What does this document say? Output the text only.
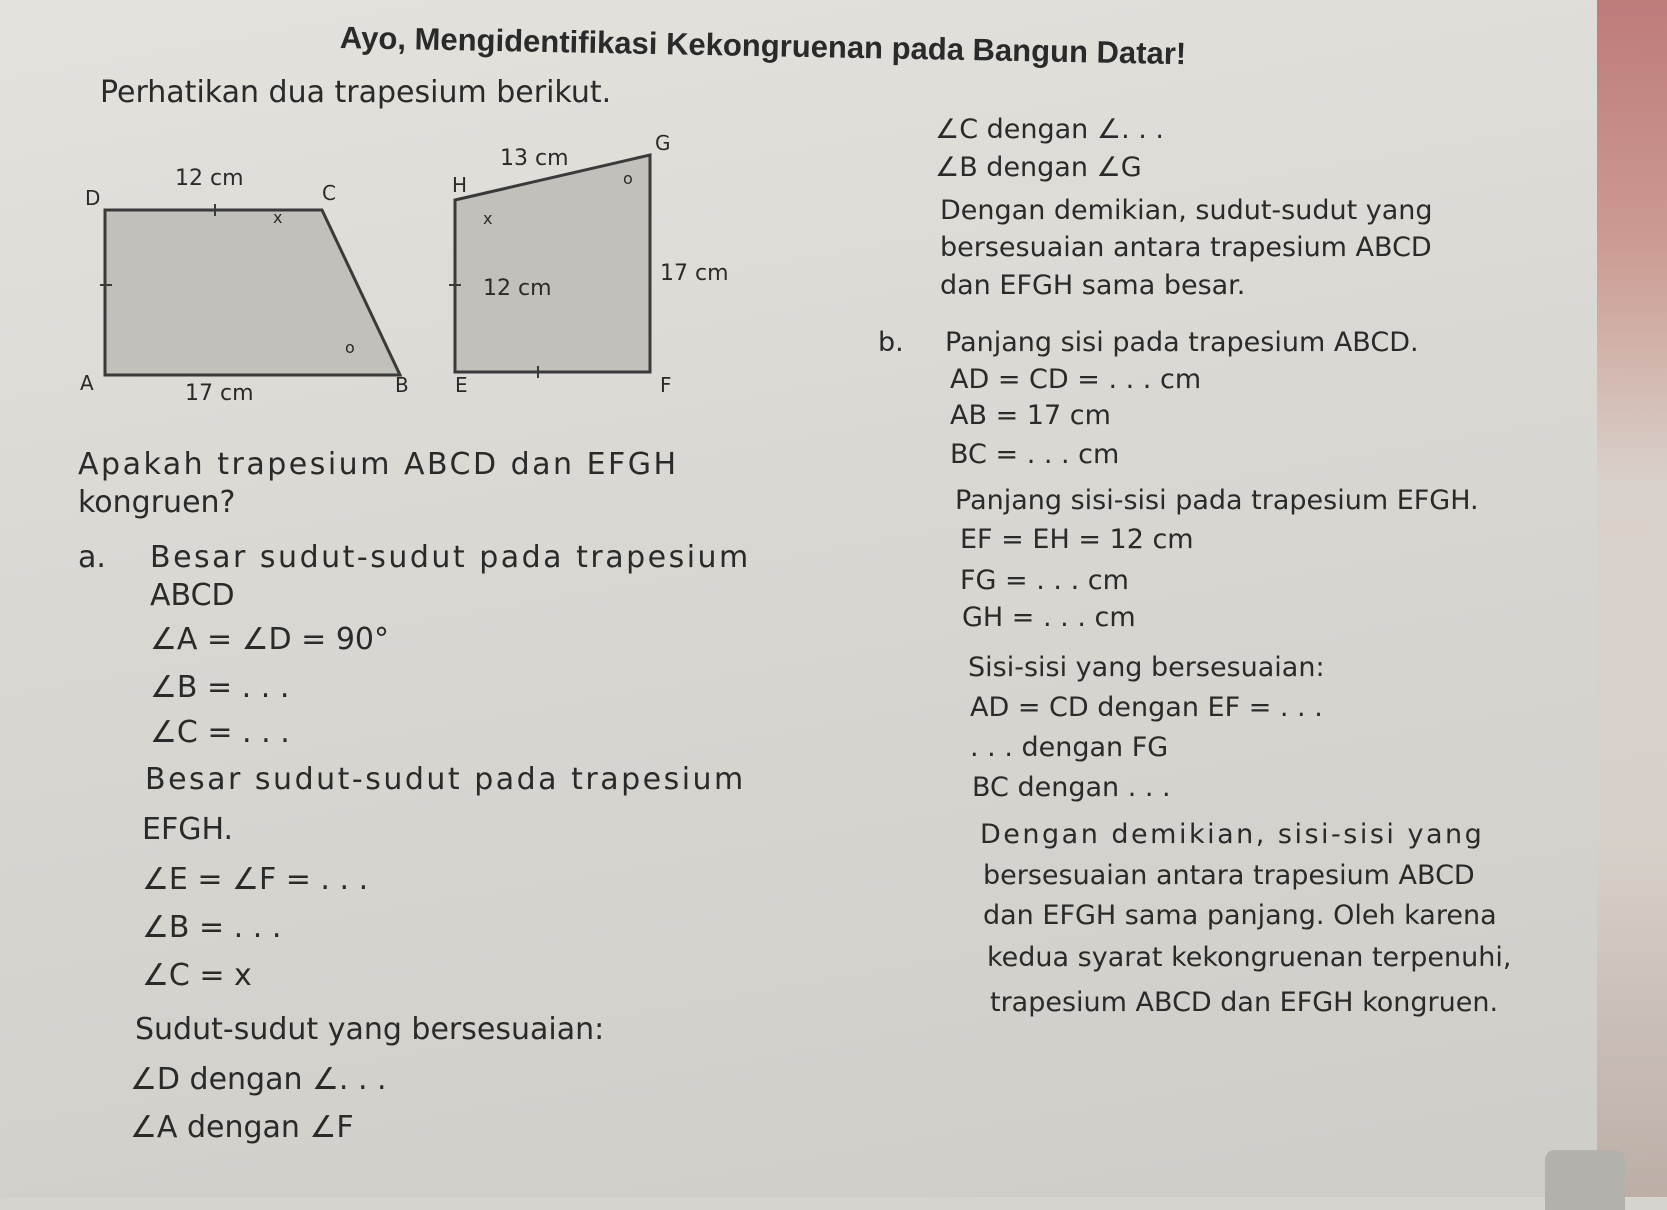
Ayo, Mengidentifikasi Kekongruenan pada Bangun Datar!
Perhatikan dua trapesium berikut.
D	C
A	B
12 cm
17 cm
x
o
G
H
E	F
13 cm
17 cm
12 cm
x
o
Apakah trapesium ABCD dan EFGH
kongruen?
a. Besar sudut-sudut pada trapesium
ABCD
∠A = ∠D = 90°
∠B = . . .
∠C = . . .
Besar sudut-sudut pada trapesium
EFGH.
∠E = ∠F = . . .
∠B = . . .
∠C = x
Sudut-sudut yang bersesuaian:
∠D dengan ∠. . .
∠A dengan ∠F
∠C dengan ∠. . .
∠B dengan ∠G
Dengan demikian, sudut-sudut yang
bersesuaian antara trapesium ABCD
dan EFGH sama besar.
b. Panjang sisi pada trapesium ABCD.
AD = CD = . . . cm
AB = 17 cm
BC = . . . cm
Panjang sisi-sisi pada trapesium EFGH.
EF = EH = 12 cm
FG = . . . cm
GH = . . . cm
Sisi-sisi yang bersesuaian:
AD = CD dengan EF = . . .
. . . dengan FG
BC dengan . . .
Dengan demikian, sisi-sisi yang
bersesuaian antara trapesium ABCD
dan EFGH sama panjang. Oleh karena
kedua syarat kekongruenan terpenuhi,
trapesium ABCD dan EFGH kongruen.
